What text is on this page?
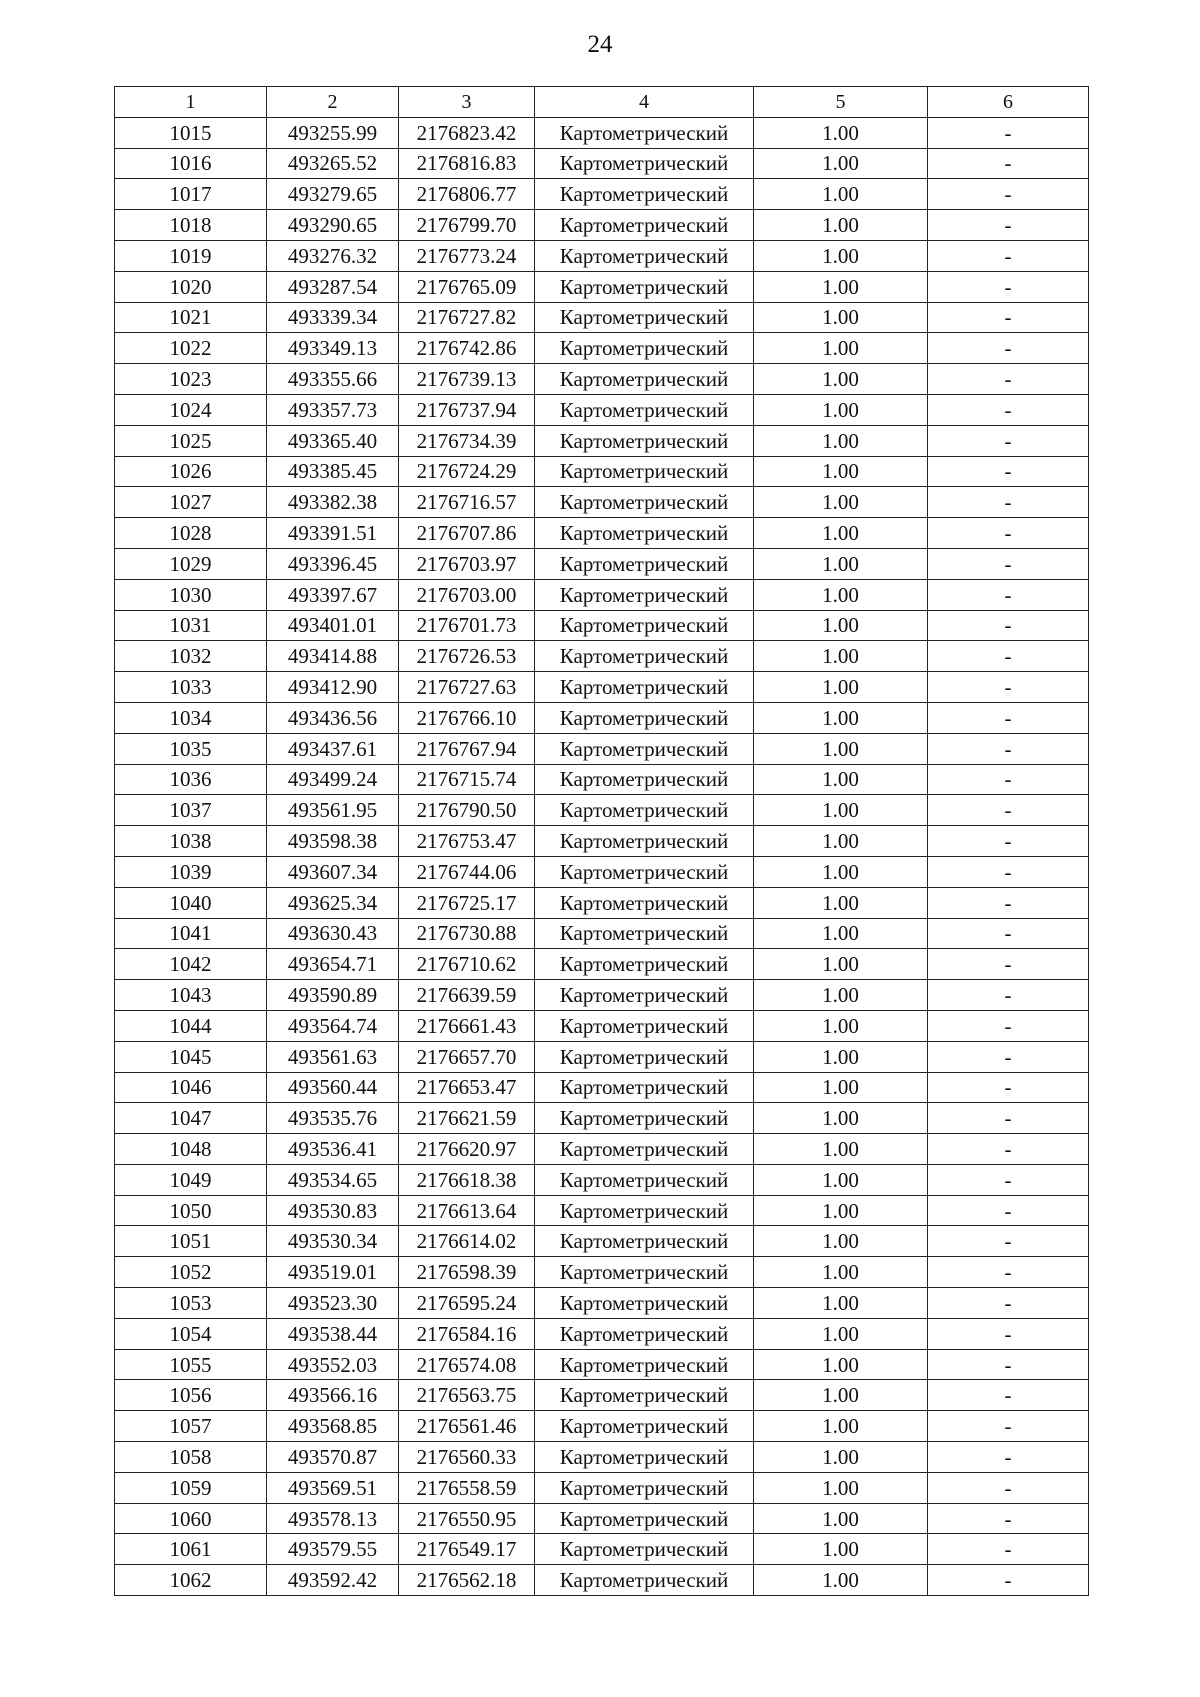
24
1	2	3	4	5	6
1015	493255.99	2176823.42	Картометрический	1.00	-
1016	493265.52	2176816.83	Картометрический	1.00	-
1017	493279.65	2176806.77	Картометрический	1.00	-
1018	493290.65	2176799.70	Картометрический	1.00	-
1019	493276.32	2176773.24	Картометрический	1.00	-
1020	493287.54	2176765.09	Картометрический	1.00	-
1021	493339.34	2176727.82	Картометрический	1.00	-
1022	493349.13	2176742.86	Картометрический	1.00	-
1023	493355.66	2176739.13	Картометрический	1.00	-
1024	493357.73	2176737.94	Картометрический	1.00	-
1025	493365.40	2176734.39	Картометрический	1.00	-
1026	493385.45	2176724.29	Картометрический	1.00	-
1027	493382.38	2176716.57	Картометрический	1.00	-
1028	493391.51	2176707.86	Картометрический	1.00	-
1029	493396.45	2176703.97	Картометрический	1.00	-
1030	493397.67	2176703.00	Картометрический	1.00	-
1031	493401.01	2176701.73	Картометрический	1.00	-
1032	493414.88	2176726.53	Картометрический	1.00	-
1033	493412.90	2176727.63	Картометрический	1.00	-
1034	493436.56	2176766.10	Картометрический	1.00	-
1035	493437.61	2176767.94	Картометрический	1.00	-
1036	493499.24	2176715.74	Картометрический	1.00	-
1037	493561.95	2176790.50	Картометрический	1.00	-
1038	493598.38	2176753.47	Картометрический	1.00	-
1039	493607.34	2176744.06	Картометрический	1.00	-
1040	493625.34	2176725.17	Картометрический	1.00	-
1041	493630.43	2176730.88	Картометрический	1.00	-
1042	493654.71	2176710.62	Картометрический	1.00	-
1043	493590.89	2176639.59	Картометрический	1.00	-
1044	493564.74	2176661.43	Картометрический	1.00	-
1045	493561.63	2176657.70	Картометрический	1.00	-
1046	493560.44	2176653.47	Картометрический	1.00	-
1047	493535.76	2176621.59	Картометрический	1.00	-
1048	493536.41	2176620.97	Картометрический	1.00	-
1049	493534.65	2176618.38	Картометрический	1.00	-
1050	493530.83	2176613.64	Картометрический	1.00	-
1051	493530.34	2176614.02	Картометрический	1.00	-
1052	493519.01	2176598.39	Картометрический	1.00	-
1053	493523.30	2176595.24	Картометрический	1.00	-
1054	493538.44	2176584.16	Картометрический	1.00	-
1055	493552.03	2176574.08	Картометрический	1.00	-
1056	493566.16	2176563.75	Картометрический	1.00	-
1057	493568.85	2176561.46	Картометрический	1.00	-
1058	493570.87	2176560.33	Картометрический	1.00	-
1059	493569.51	2176558.59	Картометрический	1.00	-
1060	493578.13	2176550.95	Картометрический	1.00	-
1061	493579.55	2176549.17	Картометрический	1.00	-
1062	493592.42	2176562.18	Картометрический	1.00	-
